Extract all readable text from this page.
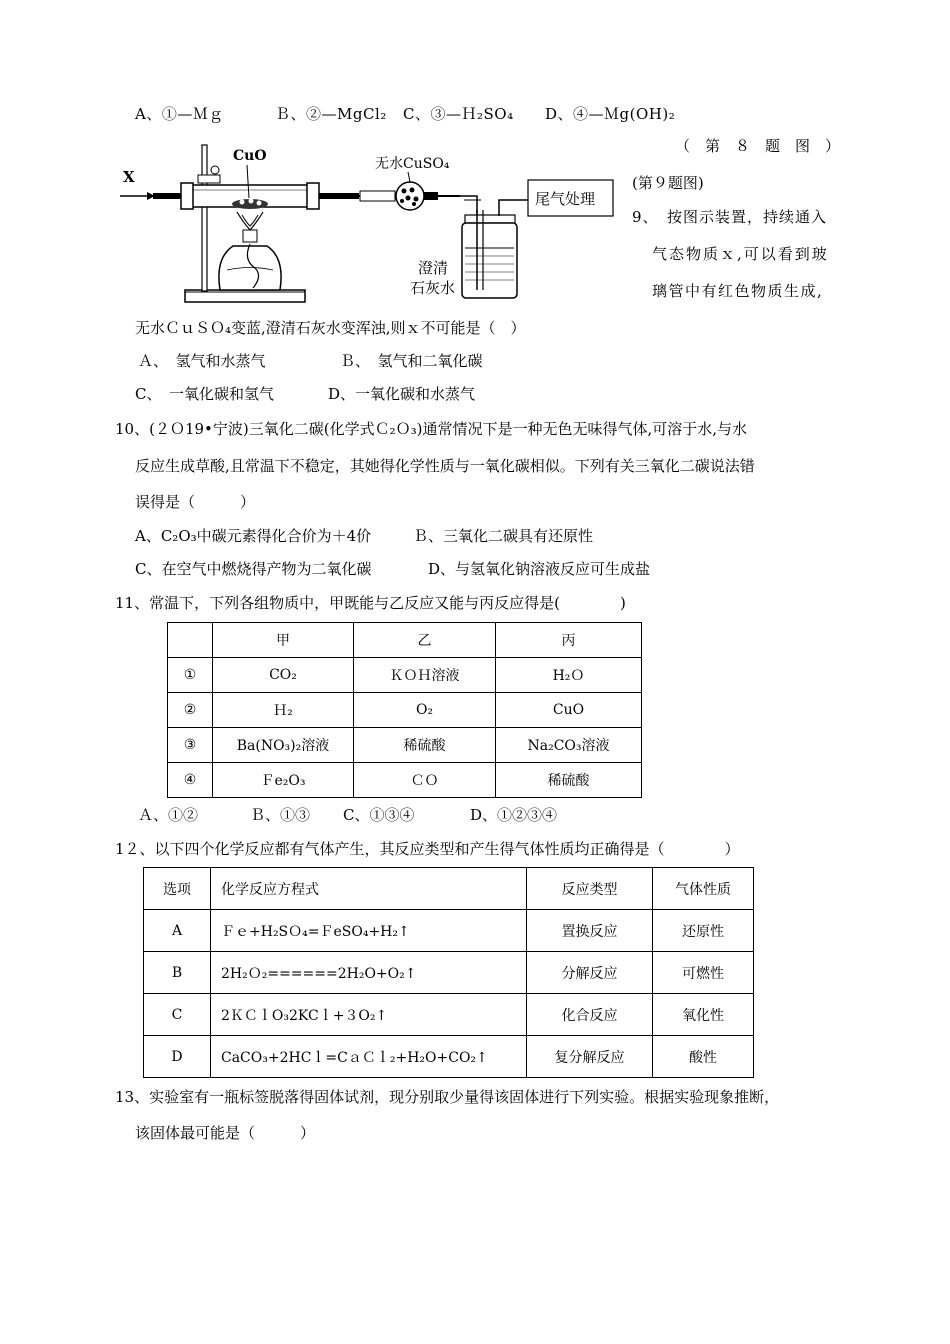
A、①—Ｍｇ	Ｂ、②—MgCl₂ C、③—Ｈ₂SO₄ D、④—Ｍg(OH)₂
（　第　８　题　图　）
X
CuO	无水CuSO₄
澄清
石灰水
尾气处理
(第９题图)
9、　按图示装置，持续通入
气态物质ｘ,可以看到玻
璃管中有红色物质生成,
无水ＣｕＳＯ₄变蓝,澄清石灰水变浑浊,则ｘ不可能是（　）
Ａ、　氢气和水蒸气	Ｂ、　氢气和二氧化碳
C、　一氧化碳和氢气	D、一氧化碳和水蒸气
10、(２Ｏ19•宁波)三氧化二碳(化学式Ｃ₂Ｏ₃)通常情况下是一种无色无味得气体,可溶于水,与水
反应生成草酸,且常温下不稳定，其她得化学性质与一氧化碳相似。下列有关三氧化二碳说法错
误得是（　　　）
A、C₂O₃中碳元素得化合价为＋4价	Ｂ、三氧化二碳具有还原性
C、在空气中燃烧得产物为二氧化碳	D、与氢氧化钠溶液反应可生成盐
11、常温下，下列各组物质中，甲既能与乙反应又能与丙反应得是(　　　　)
	甲	乙	丙
①	CO₂	ＫＯＨ溶液	H₂Ｏ
②	Ｈ₂	O₂	CuO
③	Ba(NO₃)₂溶液	稀硫酸	Na₂CO₃溶液
④	Ｆe₂O₃	ＣＯ	稀硫酸
Ａ、①②	Ｂ、①③ C、①③④	D、①②③④
1２、以下四个化学反应都有气体产生，其反应类型和产生得气体性质均正确得是（　　　　）
选项	化学反应方程式	反应类型	气体性质
A	Ｆｅ+H₂SＯ₄=ＦeSO₄+H₂↑	置换反应	还原性
B	2H₂Ｏ₂======2H₂O+O₂↑	分解反应	可燃性
C	2ＫＣｌO₃2KCｌ+３O₂↑	化合反应	氧化性
D	CaCO₃+2HCｌ=CａＣｌ₂+H₂O+CO₂↑	复分解反应	酸性
13、实验室有一瓶标签脱落得固体试剂，现分别取少量得该固体进行下列实验。根据实验现象推断，
该固体最可能是（　　　）
